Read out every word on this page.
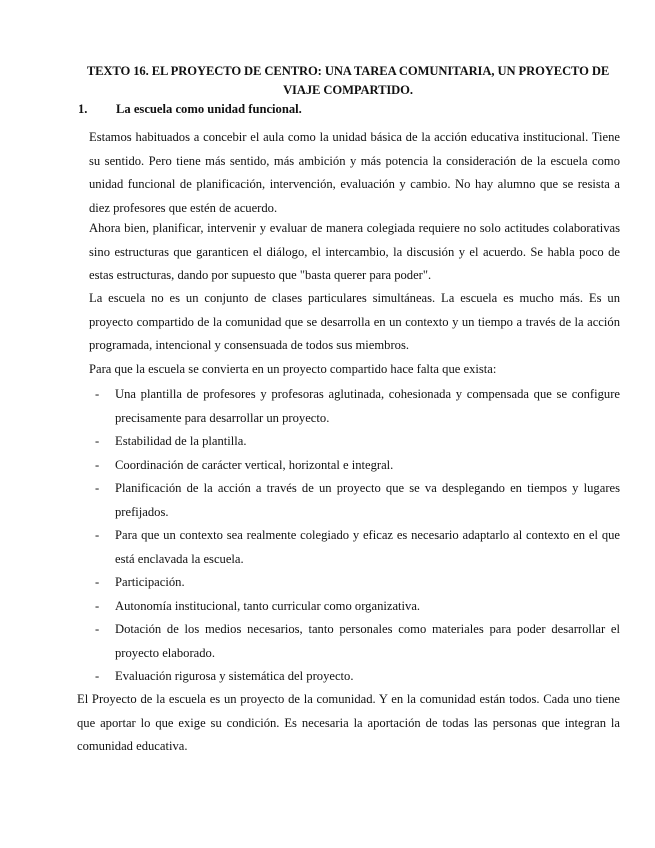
TEXTO 16. EL PROYECTO DE CENTRO: UNA TAREA COMUNITARIA, UN PROYECTO DE VIAJE COMPARTIDO.
1. La escuela como unidad funcional.
Estamos habituados a concebir el aula como la unidad básica de la acción educativa institucional. Tiene su sentido. Pero tiene más sentido, más ambición y más potencia la consideración de la escuela como unidad funcional de planificación, intervención, evaluación y cambio. No hay alumno que se resista a diez profesores que estén de acuerdo.
Ahora bien, planificar, intervenir y evaluar de manera colegiada requiere no solo actitudes colaborativas sino estructuras que garanticen el diálogo, el intercambio, la discusión y el acuerdo. Se habla poco de estas estructuras, dando por supuesto que "basta querer para poder".
La escuela no es un conjunto de clases particulares simultáneas. La escuela es mucho más. Es un proyecto compartido de la comunidad que se desarrolla en un contexto y un tiempo a través de la acción programada, intencional y consensuada de todos sus miembros.
Para que la escuela se convierta en un proyecto compartido hace falta que exista:
- Una plantilla de profesores y profesoras aglutinada, cohesionada y compensada que se configure precisamente para desarrollar un proyecto.
- Estabilidad de la plantilla.
- Coordinación de carácter vertical, horizontal e integral.
- Planificación de la acción a través de un proyecto que se va desplegando en tiempos y lugares prefijados.
- Para que un contexto sea realmente colegiado y eficaz es necesario adaptarlo al contexto en el que está enclavada la escuela.
- Participación.
- Autonomía institucional, tanto curricular como organizativa.
- Dotación de los medios necesarios, tanto personales como materiales para poder desarrollar el proyecto elaborado.
- Evaluación rigurosa y sistemática del proyecto.
El Proyecto de la escuela es un proyecto de la comunidad. Y en la comunidad están todos. Cada uno tiene que aportar lo que exige su condición. Es necesaria la aportación de todas las personas que integran la comunidad educativa.
